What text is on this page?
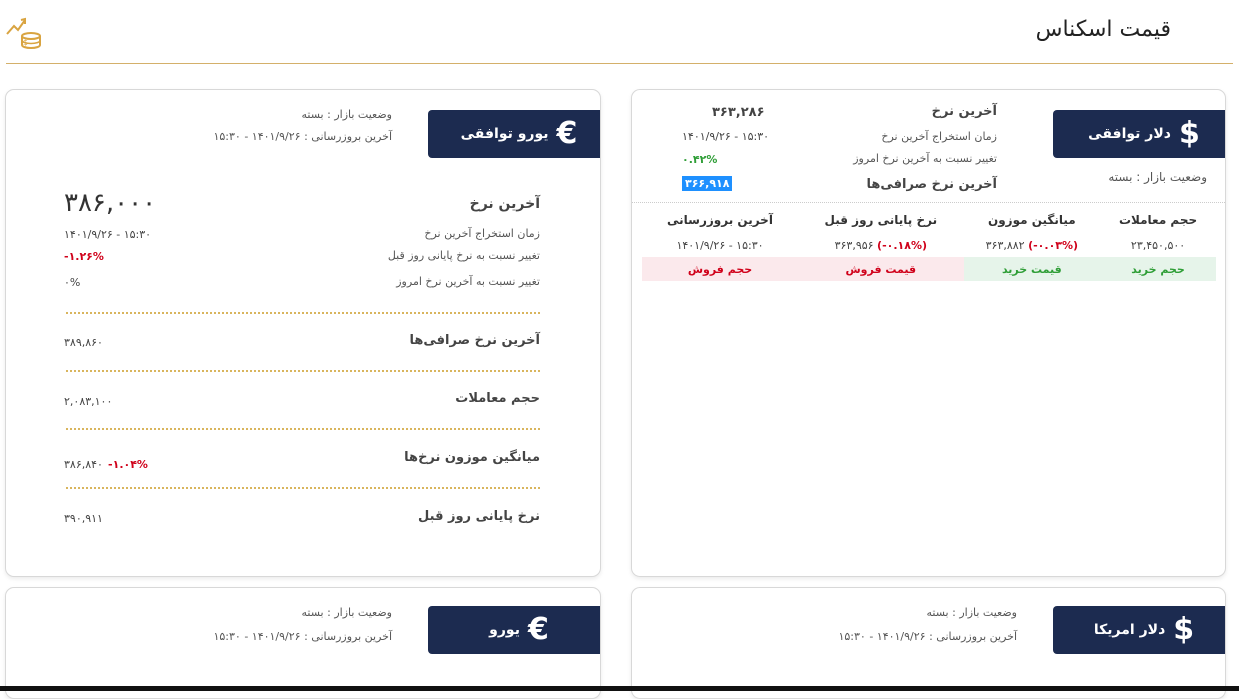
قیمت اسکناس
$
$
دلار توافقی
وضعیت بازار : بسته
آخرین نرخ
۳۶۳,۲۸۶
زمان استخراج آخرین نرخ
۱۴۰۱/۹/۲۶ - ۱۵:۳۰
تغییر نسبت به آخرین نرخ امروز
۰.۴۲%
آخرین نرخ صرافی‌ها
۳۶۶,۹۱۸
حجم معاملات	میانگین موزون	نرخ پایانی روز قبل	آخرین بروزرسانی
۲۳,۴۵۰,۵۰۰	۳۶۳,۸۸۲ (-۰.۰۳%)	۳۶۳,۹۵۶ (-۰.۱۸%)	۱۴۰۱/۹/۲۶ - ۱۵:۳۰
حجم خرید	قیمت خرید	قیمت فروش	حجم فروش
€
یورو توافقی
وضعیت بازار : بسته
آخرین بروزرسانی : ۱۴۰۱/۹/۲۶ - ۱۵:۳۰
آخرین نرخ
۳۸۶,۰۰۰
زمان استخراج آخرین نرخ
۱۴۰۱/۹/۲۶ - ۱۵:۳۰
تغییر نسبت به نرخ پایانی روز قبل
-۱.۲۶%
تغییر نسبت به آخرین نرخ امروز
۰%
آخرین نرخ صرافی‌ها
۳۸۹,۸۶۰
حجم معاملات
۲,۰۸۳,۱۰۰
میانگین موزون نرخ‌ها
۳۸۶,۸۴۰ -۱.۰۴%
نرخ پایانی روز قبل
۳۹۰,۹۱۱
$
دلار امریکا
وضعیت بازار : بسته
آخرین بروزرسانی : ۱۴۰۱/۹/۲۶ - ۱۵:۳۰
€
یورو
وضعیت بازار : بسته
آخرین بروزرسانی : ۱۴۰۱/۹/۲۶ - ۱۵:۳۰
